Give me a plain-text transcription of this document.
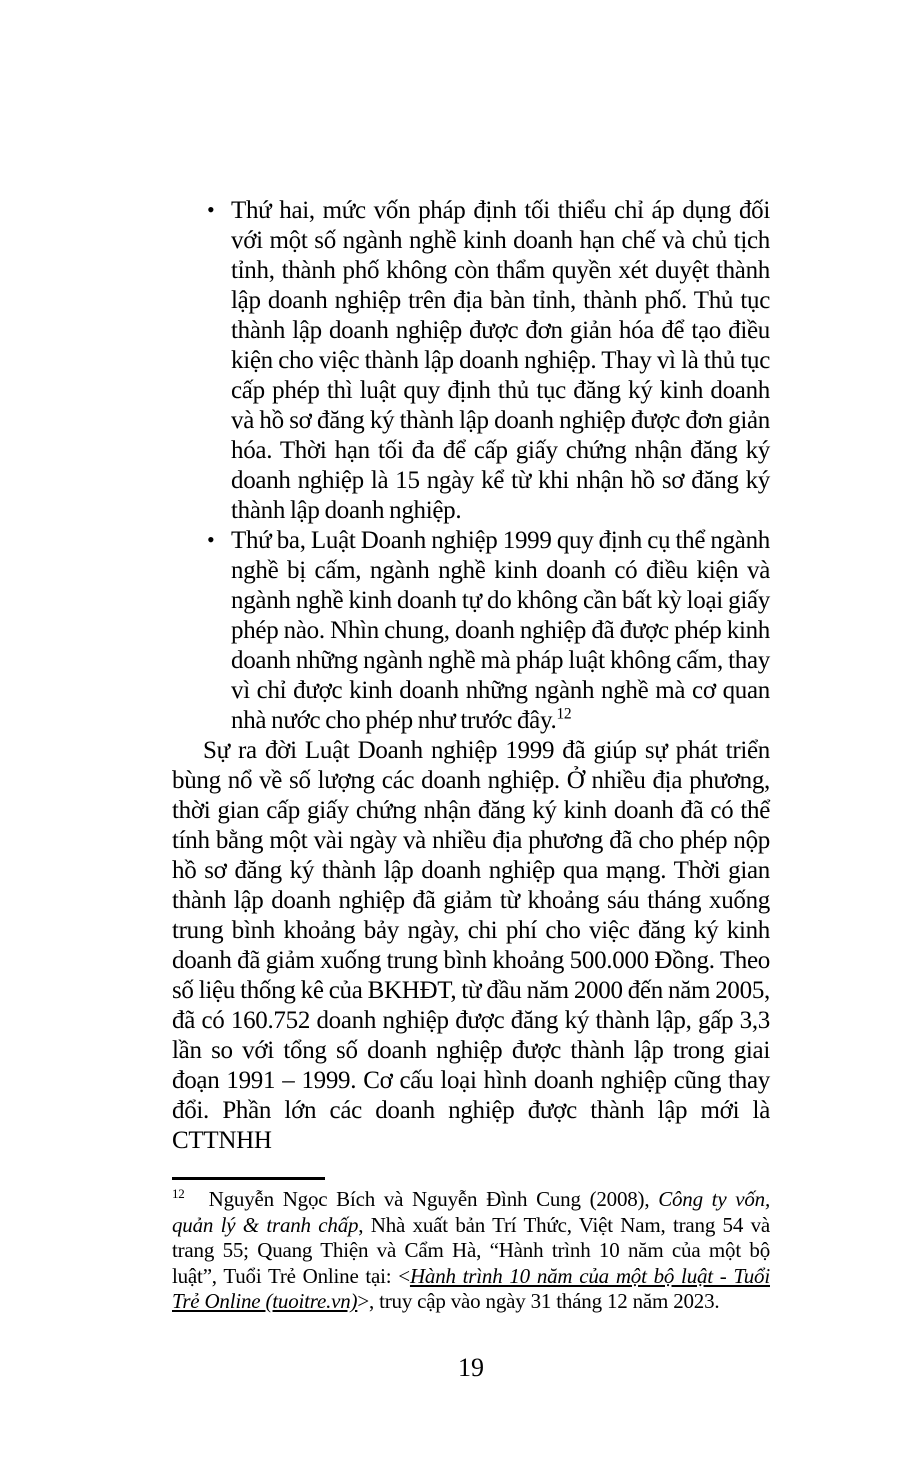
• Thứ hai, mức vốn pháp định tối thiểu chỉ áp dụng đối với một số ngành nghề kinh doanh hạn chế và chủ tịch tỉnh, thành phố không còn thẩm quyền xét duyệt thành lập doanh nghiệp trên địa bàn tỉnh, thành phố. Thủ tục thành lập doanh nghiệp được đơn giản hóa để tạo điều kiện cho việc thành lập doanh nghiệp. Thay vì là thủ tục cấp phép thì luật quy định thủ tục đăng ký kinh doanh và hồ sơ đăng ký thành lập doanh nghiệp được đơn giản hóa. Thời hạn tối đa để cấp giấy chứng nhận đăng ký doanh nghiệp là 15 ngày kể từ khi nhận hồ sơ đăng ký thành lập doanh nghiệp.
• Thứ ba, Luật Doanh nghiệp 1999 quy định cụ thể ngành nghề bị cấm, ngành nghề kinh doanh có điều kiện và ngành nghề kinh doanh tự do không cần bất kỳ loại giấy phép nào. Nhìn chung, doanh nghiệp đã được phép kinh doanh những ngành nghề mà pháp luật không cấm, thay vì chỉ được kinh doanh những ngành nghề mà cơ quan nhà nước cho phép như trước đây.$^{12}$

Sự ra đời Luật Doanh nghiệp 1999 đã giúp sự phát triển bùng nổ về số lượng các doanh nghiệp. Ở nhiều địa phương, thời gian cấp giấy chứng nhận đăng ký kinh doanh đã có thể tính bằng một vài ngày và nhiều địa phương đã cho phép nộp hồ sơ đăng ký thành lập doanh nghiệp qua mạng. Thời gian thành lập doanh nghiệp đã giảm từ khoảng sáu tháng xuống trung bình khoảng bảy ngày, chi phí cho việc đăng ký kinh doanh đã giảm xuống trung bình khoảng 500.000 Đồng. Theo số liệu thống kê của BKHĐT, từ đầu năm 2000 đến năm 2005, đã có 160.752 doanh nghiệp được đăng ký thành lập, gấp 3,3 lần so với tổng số doanh nghiệp được thành lập trong giai đoạn 1991 – 1999. Cơ cấu loại hình doanh nghiệp cũng thay đổi. Phần lớn các doanh nghiệp được thành lập mới là CTTNHH

$^{12}$ Nguyễn Ngọc Bích và Nguyễn Đình Cung (2008), Công ty vốn, quản lý & tranh chấp, Nhà xuất bản Trí Thức, Việt Nam, trang 54 và trang 55; Quang Thiện và Cẩm Hà, “Hành trình 10 năm của một bộ luật”, Tuổi Trẻ Online tại: <Hành trình 10 năm của một bộ luật - Tuổi Trẻ Online (tuoitre.vn)>, truy cập vào ngày 31 tháng 12 năm 2023.

19
